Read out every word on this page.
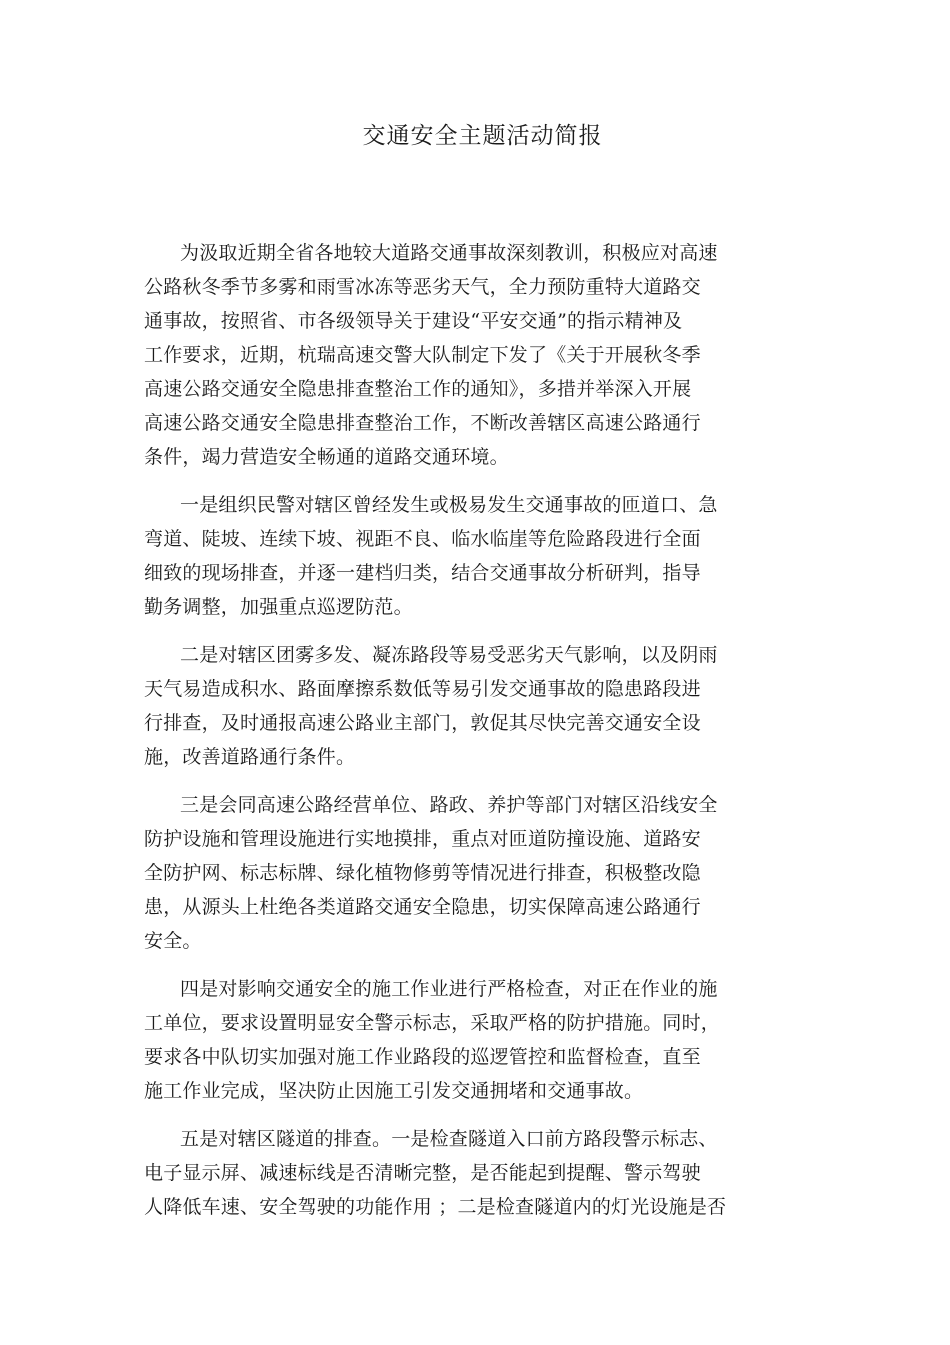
交通安全主题活动简报

为汲取近期全省各地较大道路交通事故深刻教训，积极应对高速
公路秋冬季节多雾和雨雪冰冻等恶劣天气，全力预防重特大道路交
通事故，按照省、市各级领导关于建设“平安交通”的指示精神及
工作要求，近期，杭瑞高速交警大队制定下发了《关于开展秋冬季
高速公路交通安全隐患排查整治工作的通知》，多措并举深入开展
高速公路交通安全隐患排查整治工作，不断改善辖区高速公路通行
条件，竭力营造安全畅通的道路交通环境。

一是组织民警对辖区曾经发生或极易发生交通事故的匝道口、急
弯道、陡坡、连续下坡、视距不良、临水临崖等危险路段进行全面
细致的现场排查，并逐一建档归类，结合交通事故分析研判，指导
勤务调整，加强重点巡逻防范。

二是对辖区团雾多发、凝冻路段等易受恶劣天气影响，以及阴雨
天气易造成积水、路面摩擦系数低等易引发交通事故的隐患路段进
行排查，及时通报高速公路业主部门，敦促其尽快完善交通安全设
施，改善道路通行条件。

三是会同高速公路经营单位、路政、养护等部门对辖区沿线安全
防护设施和管理设施进行实地摸排，重点对匝道防撞设施、道路安
全防护网、标志标牌、绿化植物修剪等情况进行排查，积极整改隐
患，从源头上杜绝各类道路交通安全隐患，切实保障高速公路通行
安全。

四是对影响交通安全的施工作业进行严格检查，对正在作业的施
工单位，要求设置明显安全警示标志，采取严格的防护措施。同时，
要求各中队切实加强对施工作业路段的巡逻管控和监督检查，直至
施工作业完成，坚决防止因施工引发交通拥堵和交通事故。

五是对辖区隧道的排查。一是检查隧道入口前方路段警示标志、
电子显示屏、减速标线是否清晰完整，是否能起到提醒、警示驾驶
人降低车速、安全驾驶的功能作用 ；二是检查隧道内的灯光设施是否
